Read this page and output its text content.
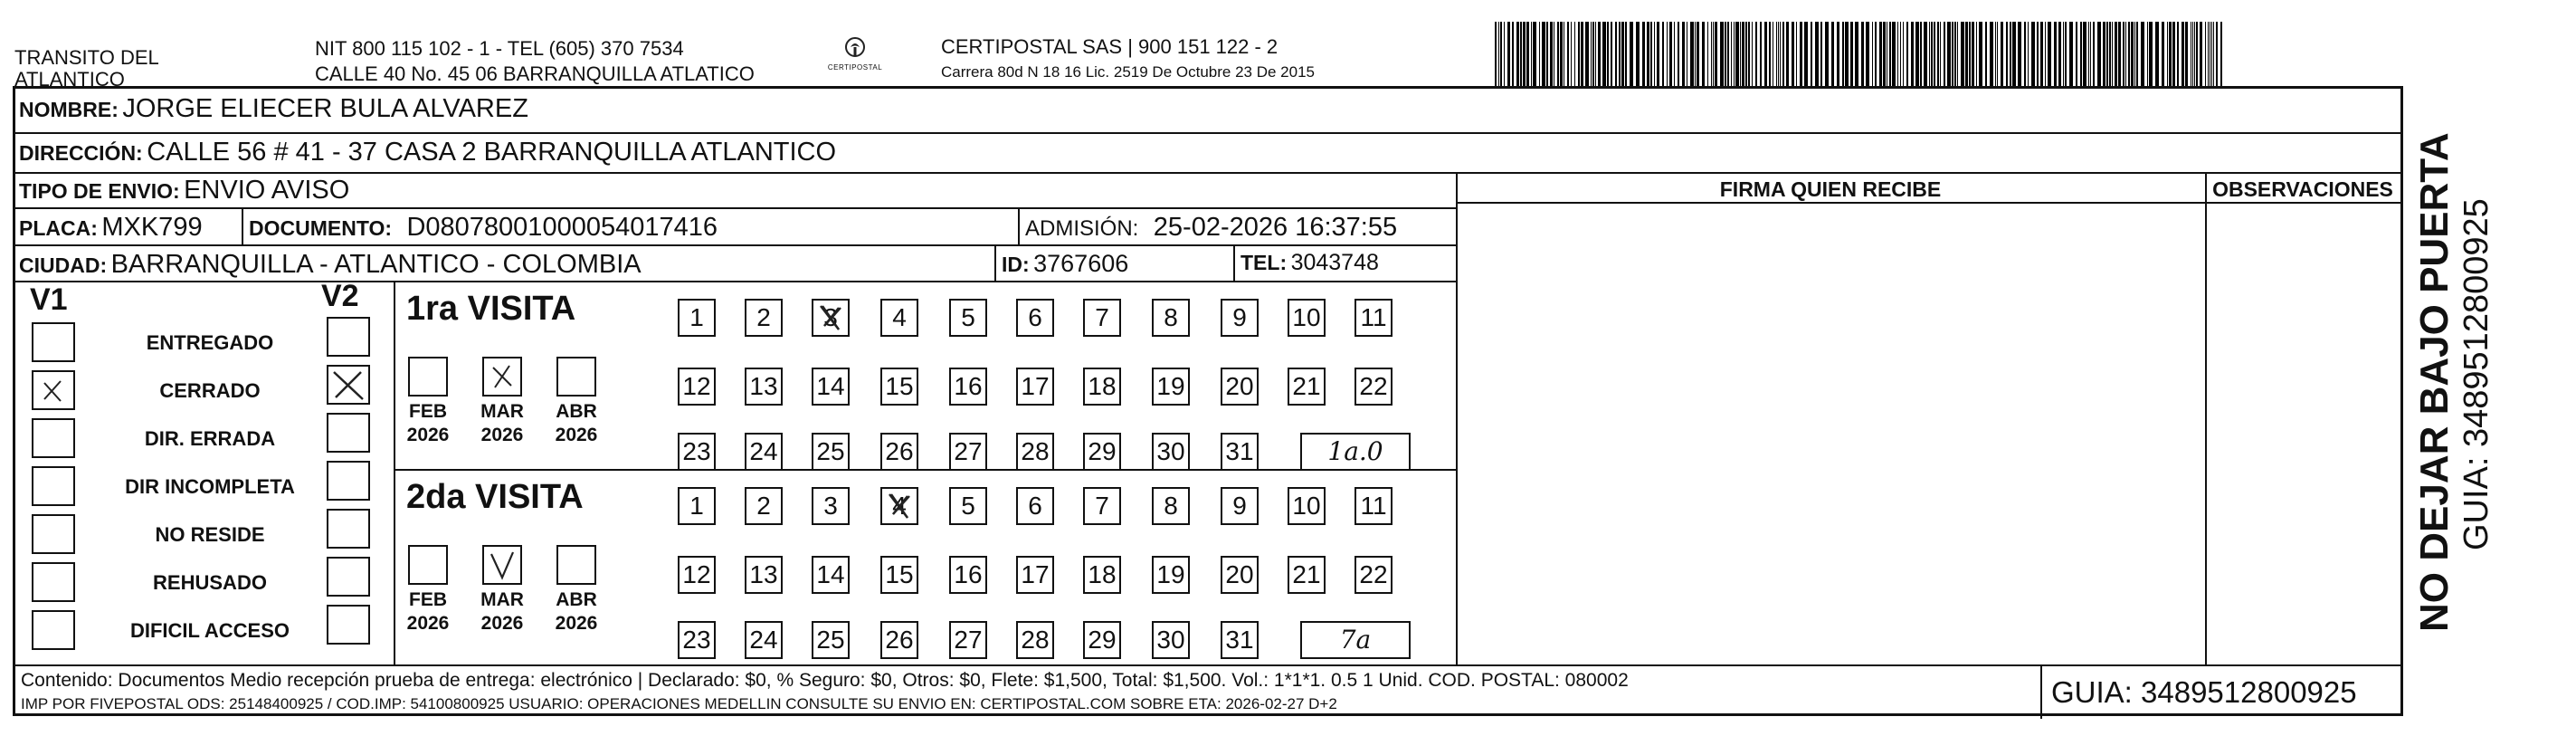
TRANSITO DEL
ATLANTICO
NIT 800 115 102 - 1 - TEL (605) 370 7534
CALLE 40 No. 45 06 BARRANQUILLA ATLATICO	CERTIPOSTAL
CERTIPOSTAL SAS | 900 151 122 - 2
Carrera 80d N 18 16 Lic. 2519 De Octubre 23 De 2015
NOMBRE: JORGE ELIECER BULA ALVAREZ
DIRECCIÓN: CALLE 56 # 41 - 37 CASA 2 BARRANQUILLA ATLANTICO
TIPO DE ENVIO: ENVIO AVISO	FIRMA QUIEN RECIBE	OBSERVACIONES
PLACA: MXK799 DOCUMENTO: D08078001000054017416	ADMISIÓN: 25-02-2026 16:37:55
CIUDAD: BARRANQUILLA - ATLANTICO - COLOMBIA	ID: 3767606	TEL: 3043748
V1	V2
ENTREGADO
CERRADO
DIR. ERRADA
DIR INCOMPLETA
NO RESIDE
REHUSADO
DIFICIL ACCESO
1ra VISITA
FEB
2026
MAR
2026
ABR
2026
1	2	3	4	5	6	7	8	9	10 11
12 13 14 15 16 17 18 19 20 21 22
23 24 25 26 27 28 29 30 31	1a.0
2da VISITA
FEB
2026
MAR
2026
ABR
2026
1	2	3	4	5	6	7	8	9	10 11
12 13 14 15 16 17 18 19 20 21 22
23 24 25 26 27 28 29 30 31	7a
Contenido: Documentos Medio recepción prueba de entrega: electrónico | Declarado: $0, % Seguro: $0, Otros: $0, Flete: $1,500, Total: $1,500. Vol.: 1*1*1. 0.5 1 Unid. COD. POSTAL: 080002
IMP POR FIVEPOSTAL ODS: 25148400925 / COD.IMP: 54100800925 USUARIO: OPERACIONES MEDELLIN CONSULTE SU ENVIO EN: CERTIPOSTAL.COM SOBRE ETA: 2026-02-27 D+2	GUIA: 3489512800925
NO DEJAR BAJO PUERTA GUIA: 3489512800925
